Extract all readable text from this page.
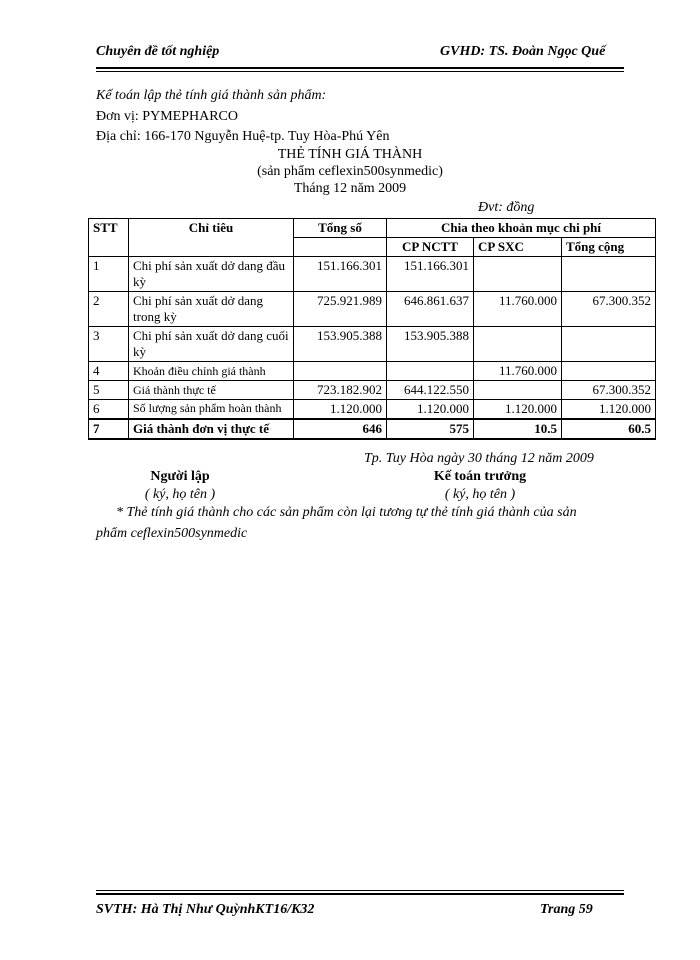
Chuyên đề tốt nghiệp	GVHD: TS. Đoàn Ngọc Quế
Kế toán lập thẻ tính giá thành sản phẩm:
Đơn vị: PYMEPHARCO
Địa chỉ: 166-170 Nguyễn Huệ-tp. Tuy Hòa-Phú Yên
THẺ TÍNH GIÁ THÀNH
(sản phẩm ceflexin500synmedic)
Tháng 12 năm 2009
Đvt: đồng
STT	Chỉ tiêu	Tổng số	Chia theo khoản mục chi phí		
			CP NCTT	CP SXC	Tổng cộng
1	Chi phí sản xuất dở dang đầu kỳ	151.166.301	151.166.301		
2	Chi phí sản xuất dở dang trong kỳ	725.921.989	646.861.637	11.760.000	67.300.352
3	Chi phí sản xuất dở dang cuối kỳ	153.905.388	153.905.388		
4	Khoản điều chỉnh giá thành			11.760.000	
5	Giá thành thực tế	723.182.902	644.122.550		67.300.352
6	Số lượng sản phẩm hoàn thành	1.120.000	1.120.000	1.120.000	1.120.000
7	Giá thành đơn vị thực tế	646	575	10.5	60.5
Tp. Tuy Hòa ngày 30 tháng 12 năm 2009
Người lập
( ký, họ tên )
Kế toán trưởng
( ký, họ tên )
* Thẻ tính giá thành cho các sản phẩm còn lại tương tự thẻ tính giá thành của sản
phẩm ceflexin500synmedic
SVTH: Hà Thị Như QuỳnhKT16/K32	Trang 59
